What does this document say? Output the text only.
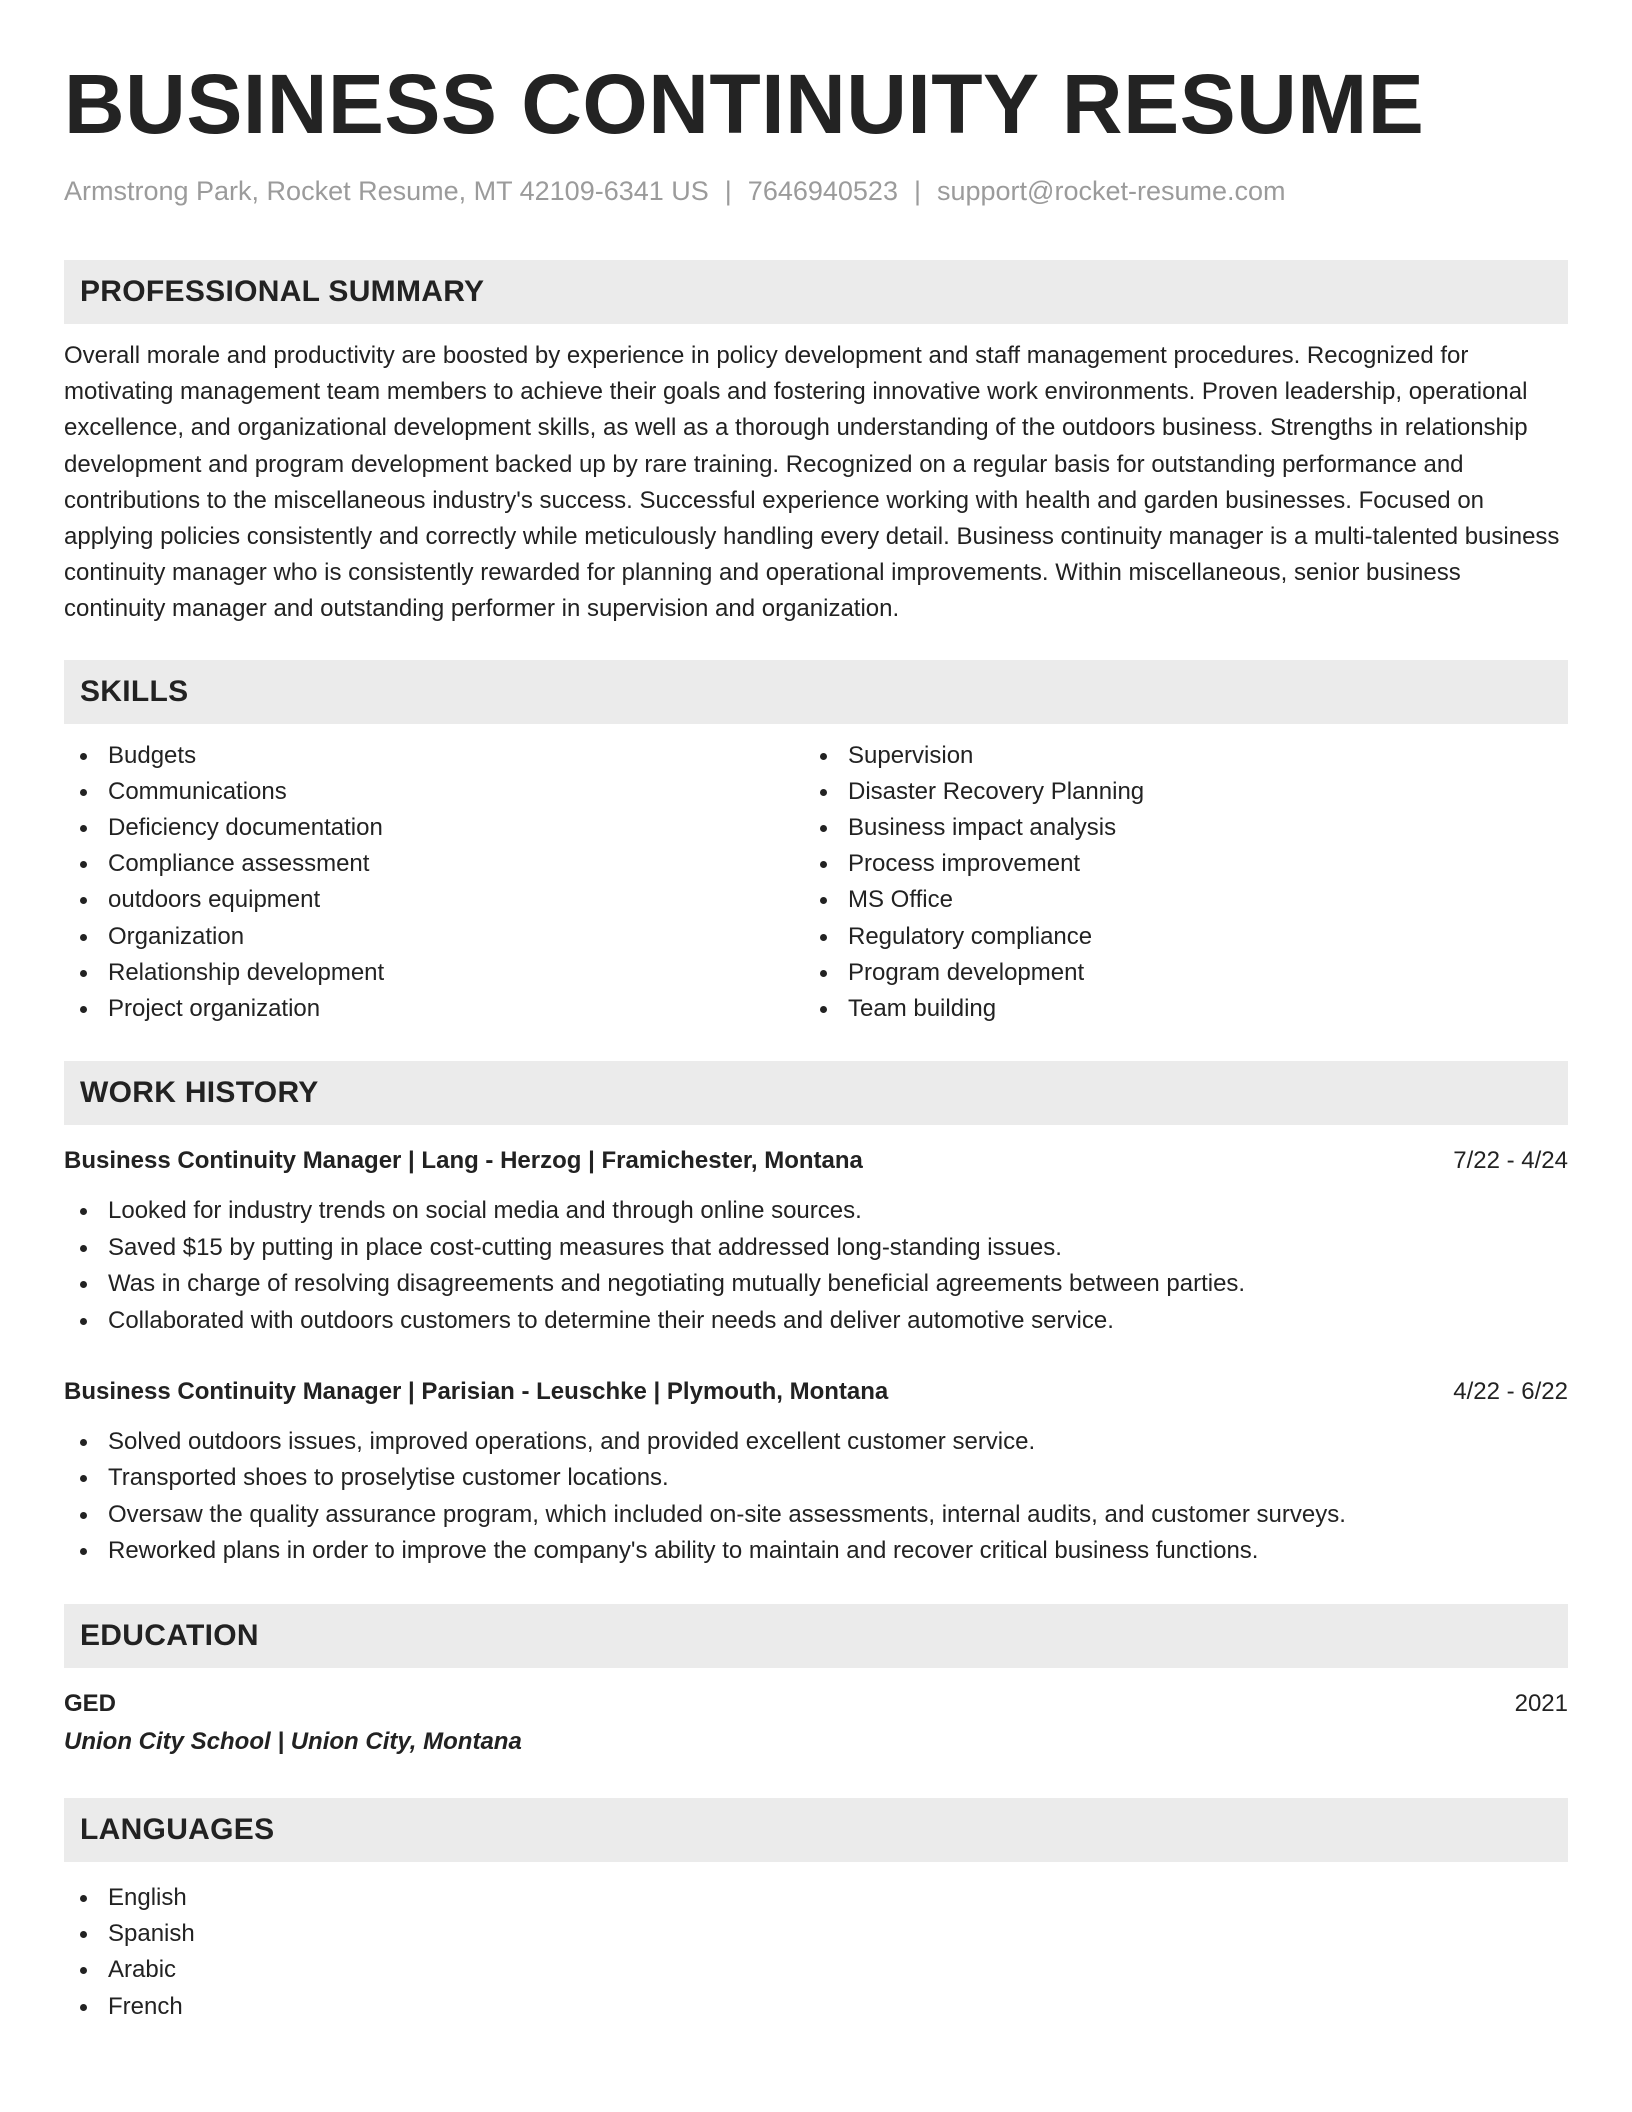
BUSINESS CONTINUITY RESUME
Armstrong Park, Rocket Resume, MT 42109-6341 US | 7646940523 | support@rocket-resume.com
PROFESSIONAL SUMMARY
Overall morale and productivity are boosted by experience in policy development and staff management procedures. Recognized for motivating management team members to achieve their goals and fostering innovative work environments. Proven leadership, operational excellence, and organizational development skills, as well as a thorough understanding of the outdoors business. Strengths in relationship development and program development backed up by rare training. Recognized on a regular basis for outstanding performance and contributions to the miscellaneous industry's success. Successful experience working with health and garden businesses. Focused on applying policies consistently and correctly while meticulously handling every detail. Business continuity manager is a multi-talented business continuity manager who is consistently rewarded for planning and operational improvements. Within miscellaneous, senior business continuity manager and outstanding performer in supervision and organization.
SKILLS
Budgets
Communications
Deficiency documentation
Compliance assessment
outdoors equipment
Organization
Relationship development
Project organization
Supervision
Disaster Recovery Planning
Business impact analysis
Process improvement
MS Office
Regulatory compliance
Program development
Team building
WORK HISTORY
Business Continuity Manager | Lang - Herzog | Framichester, Montana	7/22 - 4/24
Looked for industry trends on social media and through online sources.
Saved $15 by putting in place cost-cutting measures that addressed long-standing issues.
Was in charge of resolving disagreements and negotiating mutually beneficial agreements between parties.
Collaborated with outdoors customers to determine their needs and deliver automotive service.
Business Continuity Manager | Parisian - Leuschke | Plymouth, Montana	4/22 - 6/22
Solved outdoors issues, improved operations, and provided excellent customer service.
Transported shoes to proselytise customer locations.
Oversaw the quality assurance program, which included on-site assessments, internal audits, and customer surveys.
Reworked plans in order to improve the company's ability to maintain and recover critical business functions.
EDUCATION
GED	2021
Union City School | Union City, Montana
LANGUAGES
English
Spanish
Arabic
French
